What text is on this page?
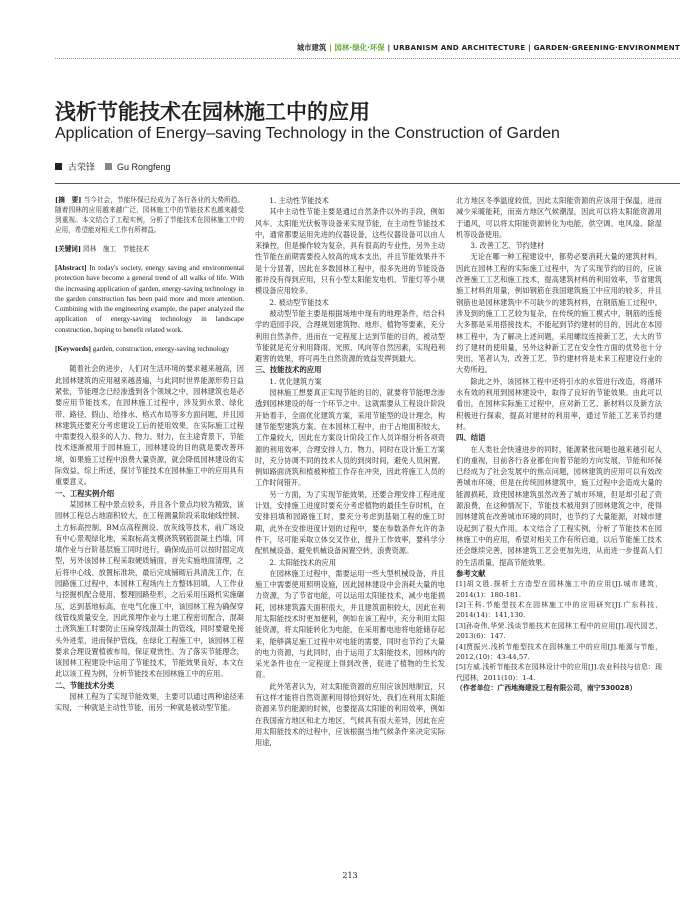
城市建筑 | 园林·绿化·环保 | URBANISM AND ARCHITECTURE | GARDEN·GREENING·ENVIRONMENT
浅析节能技术在园林施工中的应用
Application of Energy–saving Technology in the Construction of Garden
古荣锋 Gu Rongfeng
[摘　要] 当今社会，节能环保已经成为了各行各业的大势所趋。随着园林的应用越来越广泛，园林施工中的节能技术也越来越受到重视。本文结合了工程实例，分析了节能技术在园林施工中的应用，希望能对相关工作有所裨益。
[关键词] 园林　施工　节能技术
[Abstract] In today's society, energy saving and environmental protection have become a general trend of all walks of life. With the increasing application of garden, energy-saving technology in the garden construction has been paid more and more attention. Combining with the engineering example, the paper analyzed the application of energy-saving technology in landscape construction, hoping to benefit related work.
[Keywords] garden, construction, energy-saving technology

随着社会的进步，人们对生活环境的要求越来越高，因此园林建筑的应用越来越普遍，与此同时世界能源形势日益紧张，节能理念已经渗透到各个领域之中，园林建筑也是必要应用节能技术，在园林施工过程中，涉及到水景、绿化带、路径、假山、给排水、格式布局等多方面问题，并且园林建筑还要充分考虑建设工后的使用效果，在实际施工过程中需要投入很多的人力、物力、财力，在主途背景下，节能技术逐渐被用于园林施工，园林建设的目的就是要改善环境，如果施工过程中浪费大量资源，就会降低园林建设的实际效益，综上所述，探讨节能技术在园林施工中的应用具有重要意义。

一、工程实例介绍

某园林工程中景点较多，并且各个景点均较为精致，该园林工程总占地面积较大，在工程测量阶段采取轴线控制、土方标高控制、BM点高程测设、放灰线等技术，前广场设有中心景观绿化地，采取标高支模浇筑钢筋混凝土挡墙，同填作业与台阶基层施工同时进行，确保成品可以按时固定成型，另外该园林工程采取硬质铺面，首先实施地面清理，之后将中心线、放置标准块，最后完成铺砌后具清洗工作，在园路施工过程中，本园林工程场内土方整体回填，人工作业与挖掘机配合使用，整理园路垫形，之后采用压路机实施碾压，达到基地标高，在电气化施工中，该园林工程为确保穿线管线质量安全，因此预埋作业与土建工程密切配合，混凝土浇筑施工时要防止压扁穿线混凝土的管线，同时要避免接头外进浆，进而保护管线，在绿化工程施工中，该园林工程要求合理设置植被布局，保证观赏性。为了落实节能理念，该园林工程建设中运用了节能技术，节能效果良好，本文在此以该工程为例，分析节能技术在园林施工中的应用。

二、节能技术分类

园林工程为了实现节能效果，主要可以通过两种途径来实现，一种就是主动性节能，而另一种就是被动型节能。

1. 主动性节能技术

其中主动性节能主要是通过自然条件以外的手段，例如风车、太阳能光伏板等设备来实现节能，在主动性节能技术中，通常都要运用先进的仪器设备，这些仪器设备可以由人来操控，但是操作较为复杂，具有很高的专业性，另外主动性节能在前期需要投入较高的成本支出，并且节能效果并不是十分显著，因此在多数园林工程中，很多先进的节能设备都并没有得到应用，只有小型太阳能发电机、节能灯等小规模设备应用较多。

2. 被动型节能技术

被动型节能主要是根据场地中现有的地理条件，结合科学的造园手段，合理规划建筑物、地形、植物等要素，充分利用自然条件，进而在一定程度上达到节能的目的，被动型节能就是充分利用降雨、光照、风向等自然因素，实现趋利避害的效果，将可再生自然资源的效益发挥到最大。

三、技能技术的应用

1. 优化建筑方案

园林施工想要真正实现节能的目的，就要将节能理念渗透到园林建设的每一个环节之中。这就需要从工程设计阶段开始着手，全面优化建筑方案，采用节能型的设计理念，构建节能型建筑方案。在本园林工程中，由于占地面积较大，工作量较大，因此在方案设计阶段工作人员详细分析各项资源的利用效率，合理安排人力、物力，同时在设计施工方案时，充分协调不同的技术人员的到岗时间，避免人员闲置。例如路面浇筑和植被种植工作存在冲突，因此将施工人员的工作时间错开。

另一方面，为了实现节能效果，还要合理安排工程进度计划，安排施工进度时要充分考虑植物的最佳生存时机，在安排回填和园路施工时，要充分考虑到基础工程的施工时期，此外在安排进度计划的过程中，要在参数条件允许的条件下，尽可能采取立体交叉作业，提升工作效率，要科学分配机械设备，避免机械设备闲置空转，浪费资源。

2. 太阳能技术的应用

在园林施工过程中，需要运用一些大型机械设备，并且施工中需要使用照明设施，因此园林建设中会消耗大量的电力资源，为了节省电能，可以运用太阳能技术，减少电能损耗，园林建筑露天面积很大，并且建筑面积较大，因此在利用太阳能技术时更加便利，例如在该工程中，充分利用太阳能资源，将太阳能转化为电能，在采用蓄电池将电能储存起来，能够满足施工过程中对电能的需要，同时也节约了大量的电力资源，与此同时，由于运用了太阳能技术，园林内的采光条件也在一定程度上得到改善，促进了植物的生长发育。

此外笔者认为，对太阳能资源的应用应该因地制宜，只有这样才能将自然资源利用得恰到好处，我们在利用太阳能资源来节约能源的时候，也要提高太阳能的利用效率，例如在我国南方地区和北方地区，气候具有很大差异，因此在应用太阳能技术的过程中，应该根据当地气候条件来决定实际用途，

北方地区冬季温度较低，因此太阳能资源的应该用于保温，进而减少采暖能耗，而南方地区气候潮湿，因此可以将太阳能资源用于通风，可以将太阳能资源转化为电能，供空调、电风扇、除湿机等设备使用。

3. 改善工艺、节约建材

无论在哪一种工程建设中，都势必要消耗大量的建筑材料，因此在园林工程的实际施工过程中，为了实现节约的目的，应该改善施工工艺和施工技术，提高建筑材料的利用效率，节省建筑施工材料的用量，例如钢筋在我国建筑施工中应用的较多，并且钢筋也是园林建筑中不可缺少的建筑材料，在钢筋施工过程中，涉及到的施工工艺较为复杂，在传统的施工模式中，钢筋的连接大多都是采用搭接技术，不能起到节约建材的目的，因此在本园林工程中，为了解决上述问题，采用螺纹连接新工艺，大大的节约了建材的使用量，另外这种新工艺在安全性方面的优势也十分突出，笔者认为，改善工艺、节约建材将是未来工程建设行业的大势所趋。

除此之外，该园林工程中还将引水的水管进行改造，将循环水有效的利用到园林建设中，取得了良好的节能效果。由此可以看出，在园林实际施工过程中，应对新工艺、新材料以及新方法积极进行探索，提高对建材的利用率，通过节能工艺来节约建材。

四、结语

在人类社会快速进步的同时，能源紧张问题也越来越引起人们的重视，目前各行各业都在向着节能的方向发展，节能和环保已经成为了社会发展中的焦点问题，园林建筑的应用可以有效改善城市环境，但是在传统园林建筑中，施工过程中会造成大量的能源损耗，致使园林建筑虽然改善了城市环境，但是却引起了资源浪费，在这种情况下，节能技术被用到了园林建筑之中，使得园林建筑在改善城市环境的同时，也节约了大量能源，对城市建设起到了很大作用。本文结合了工程实例，分析了节能技术在园林施工中的应用，希望对相关工作有所启迪，以后节能施工技术还会继续完善，园林建筑工艺会更加先进，从而进一步提高人们的生活质量，提高节能效果。

参考文献

[1]胡文胜.探析土方造型在园林施工中的应用[J].城市建筑，2014(1)：180-181.

[2]王科.节能型技术在园林施工中的应用研究[J].广东科技，2014(14)：141,130.

[3]孙奇伟,华荣.浅谈节能技术在园林工程中的应用[J].现代园艺，2013(6)：147.

[4]贾振兴.浅析节能型技术在园林施工中的应用[J].能源与节能，2012,(10)：43-44,57.

[5]方威.浅析节能技术在园林设计中的应用[J].农业科技与信息：现代园林，2011(10)：1-4.

（作者单位：广西地海建设工程有限公司，南宁530028）

213
